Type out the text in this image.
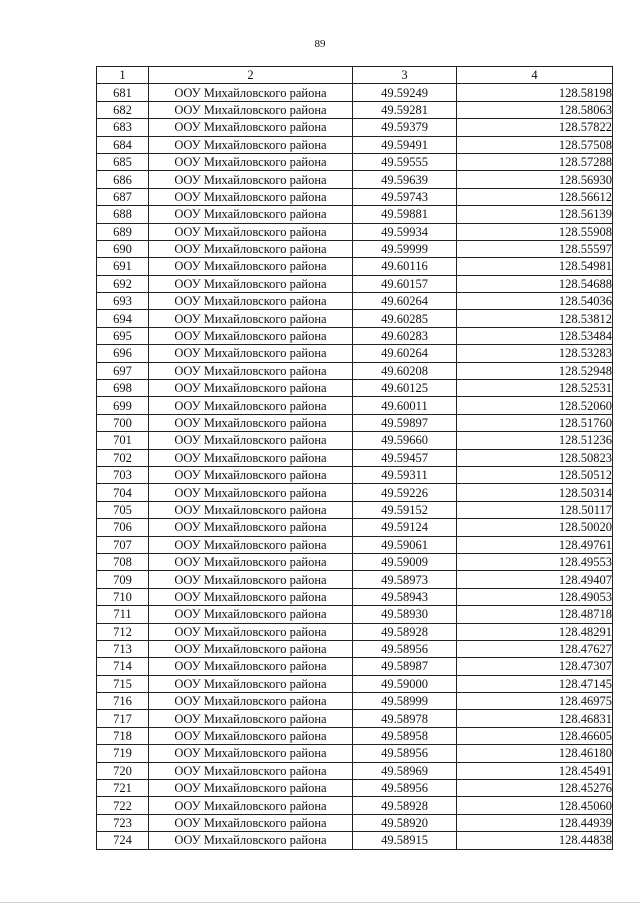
89
1	2	3	4
681	ООУ Михайловского района	49.59249	128.58198
682	ООУ Михайловского района	49.59281	128.58063
683	ООУ Михайловского района	49.59379	128.57822
684	ООУ Михайловского района	49.59491	128.57508
685	ООУ Михайловского района	49.59555	128.57288
686	ООУ Михайловского района	49.59639	128.56930
687	ООУ Михайловского района	49.59743	128.56612
688	ООУ Михайловского района	49.59881	128.56139
689	ООУ Михайловского района	49.59934	128.55908
690	ООУ Михайловского района	49.59999	128.55597
691	ООУ Михайловского района	49.60116	128.54981
692	ООУ Михайловского района	49.60157	128.54688
693	ООУ Михайловского района	49.60264	128.54036
694	ООУ Михайловского района	49.60285	128.53812
695	ООУ Михайловского района	49.60283	128.53484
696	ООУ Михайловского района	49.60264	128.53283
697	ООУ Михайловского района	49.60208	128.52948
698	ООУ Михайловского района	49.60125	128.52531
699	ООУ Михайловского района	49.60011	128.52060
700	ООУ Михайловского района	49.59897	128.51760
701	ООУ Михайловского района	49.59660	128.51236
702	ООУ Михайловского района	49.59457	128.50823
703	ООУ Михайловского района	49.59311	128.50512
704	ООУ Михайловского района	49.59226	128.50314
705	ООУ Михайловского района	49.59152	128.50117
706	ООУ Михайловского района	49.59124	128.50020
707	ООУ Михайловского района	49.59061	128.49761
708	ООУ Михайловского района	49.59009	128.49553
709	ООУ Михайловского района	49.58973	128.49407
710	ООУ Михайловского района	49.58943	128.49053
711	ООУ Михайловского района	49.58930	128.48718
712	ООУ Михайловского района	49.58928	128.48291
713	ООУ Михайловского района	49.58956	128.47627
714	ООУ Михайловского района	49.58987	128.47307
715	ООУ Михайловского района	49.59000	128.47145
716	ООУ Михайловского района	49.58999	128.46975
717	ООУ Михайловского района	49.58978	128.46831
718	ООУ Михайловского района	49.58958	128.46605
719	ООУ Михайловского района	49.58956	128.46180
720	ООУ Михайловского района	49.58969	128.45491
721	ООУ Михайловского района	49.58956	128.45276
722	ООУ Михайловского района	49.58928	128.45060
723	ООУ Михайловского района	49.58920	128.44939
724	ООУ Михайловского района	49.58915	128.44838
